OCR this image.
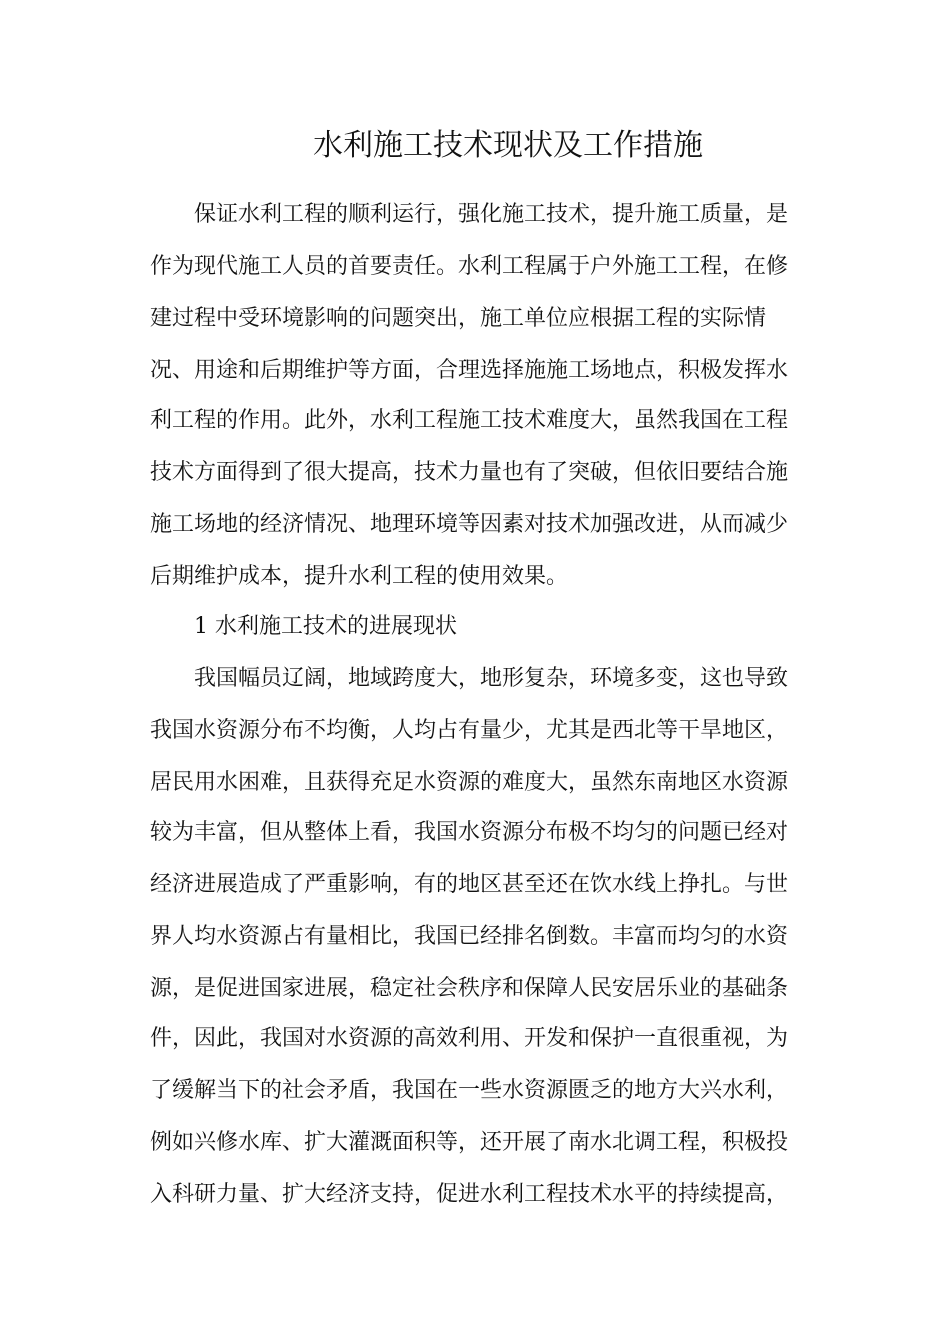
水利施工技术现状及工作措施
保证水利工程的顺利运行，强化施工技术，提升施工质量，是
作为现代施工人员的首要责任。水利工程属于户外施工工程，在修
建过程中受环境影响的问题突出，施工单位应根据工程的实际情
况、用途和后期维护等方面，合理选择施施工场地点，积极发挥水
利工程的作用。此外，水利工程施工技术难度大，虽然我国在工程
技术方面得到了很大提高，技术力量也有了突破，但依旧要结合施
施工场地的经济情况、地理环境等因素对技术加强改进，从而减少
后期维护成本，提升水利工程的使用效果。
1 水利施工技术的进展现状
我国幅员辽阔，地域跨度大，地形复杂，环境多变，这也导致
我国水资源分布不均衡，人均占有量少，尤其是西北等干旱地区，
居民用水困难，且获得充足水资源的难度大，虽然东南地区水资源
较为丰富，但从整体上看，我国水资源分布极不均匀的问题已经对
经济进展造成了严重影响，有的地区甚至还在饮水线上挣扎。与世
界人均水资源占有量相比，我国已经排名倒数。丰富而均匀的水资
源，是促进国家进展，稳定社会秩序和保障人民安居乐业的基础条
件，因此，我国对水资源的高效利用、开发和保护一直很重视，为
了缓解当下的社会矛盾，我国在一些水资源匮乏的地方大兴水利，
例如兴修水库、扩大灌溉面积等，还开展了南水北调工程，积极投
入科研力量、扩大经济支持，促进水利工程技术水平的持续提高，
